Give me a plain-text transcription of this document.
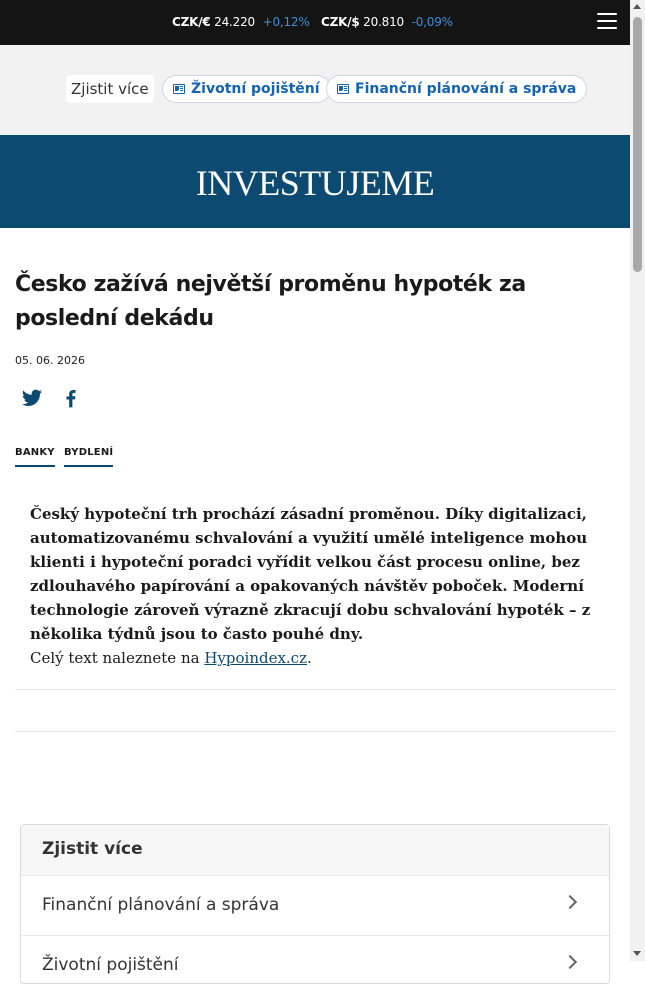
CZK/€ 24.220 +0,12% CZK/$ 20.810 -0,09%
Zjistit více	Životní pojištění	Finanční plánování a správa
INVESTUJEME
Česko zažívá největší proměnu hypoték za poslední dekádu
05. 06. 2026
BANKY BYDLENÍ

Český hypoteční trh prochází zásadní proměnou. Díky digitalizaci, automatizovanému schvalování a využití umělé inteligence mohou klienti i hypoteční poradci vyřídit velkou část procesu online, bez zdlouhavého papírování a opakovaných návštěv poboček. Moderní technologie zároveň výrazně zkracují dobu schvalování hypoték – z několika týdnů jsou to často pouhé dny.

Celý text naleznete na Hypoindex.cz.

Zjistit více
Finanční plánování a správa
Životní pojištění
